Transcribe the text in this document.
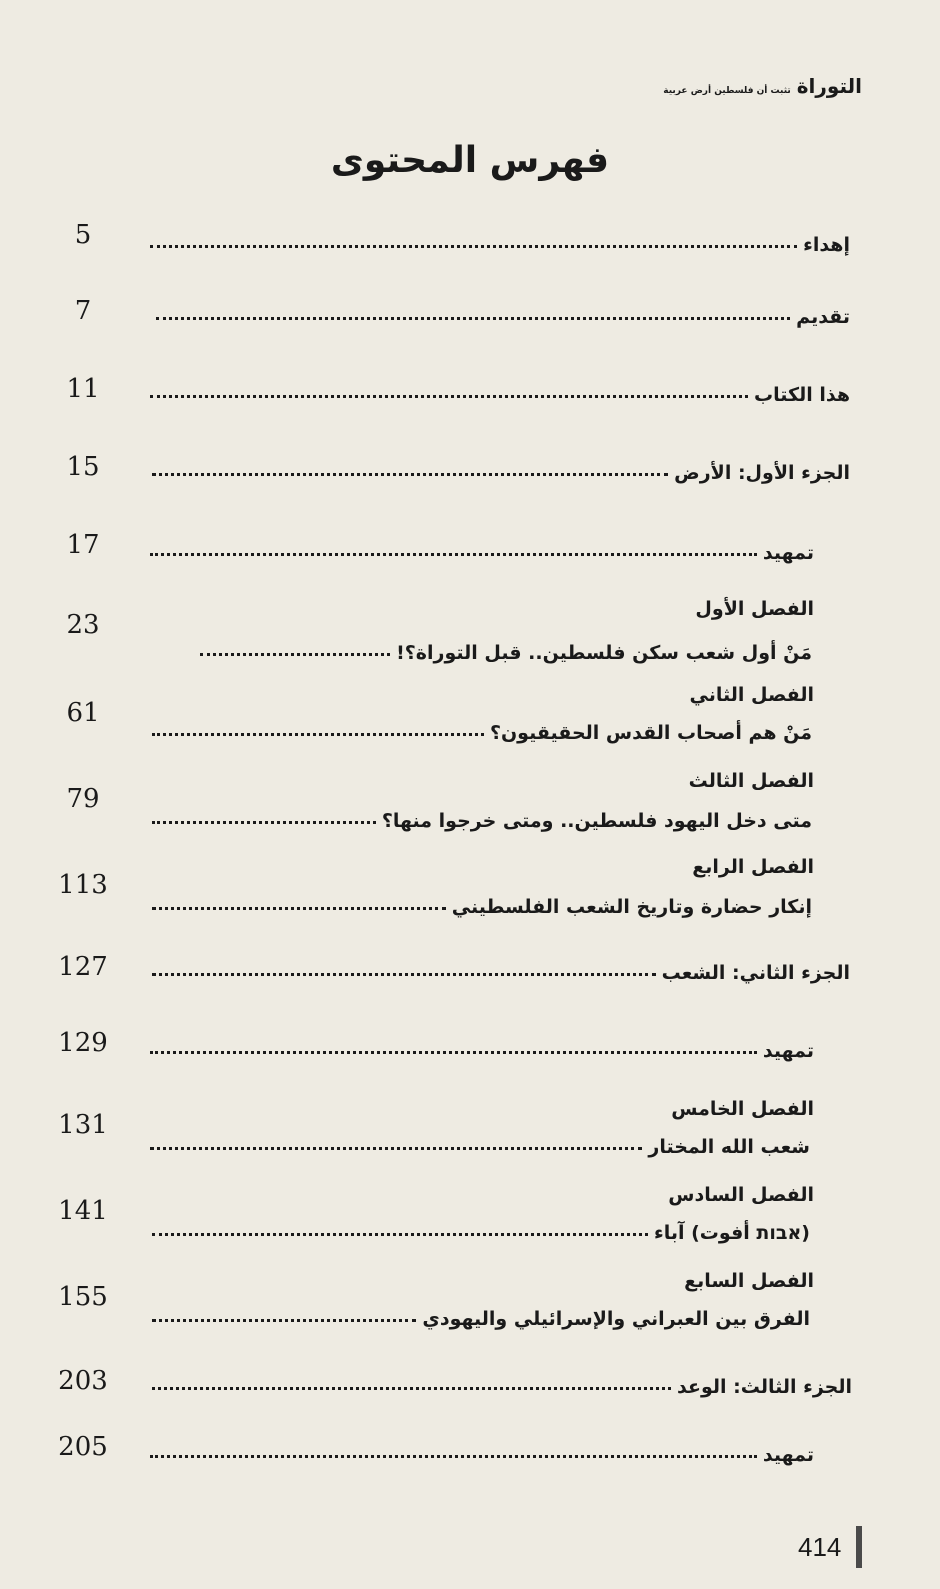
التوراة
تثبت أن فلسطين أرض عربية
فهرس المحتوى
إهداء
5
تقديم
7
هذا الكتاب
11
الجزء الأول: الأرض
15
تمهيد
17
الفصل الأول
مَنْ أول شعب سكن فلسطين.. قبل التوراة؟!
23
الفصل الثاني
مَنْ هم أصحاب القدس الحقيقيون؟
61
الفصل الثالث
متى دخل اليهود فلسطين.. ومتى خرجوا منها؟
79
الفصل الرابع
إنكار حضارة وتاريخ الشعب الفلسطيني
113
الجزء الثاني: الشعب
127
تمهيد
129
الفصل الخامس
شعب الله المختار
131
الفصل السادس
(אבות أفوت) آباء
141
الفصل السابع
الفرق بين العبراني والإسرائيلي واليهودي
155
الجزء الثالث: الوعد
203
تمهيد
205
414
